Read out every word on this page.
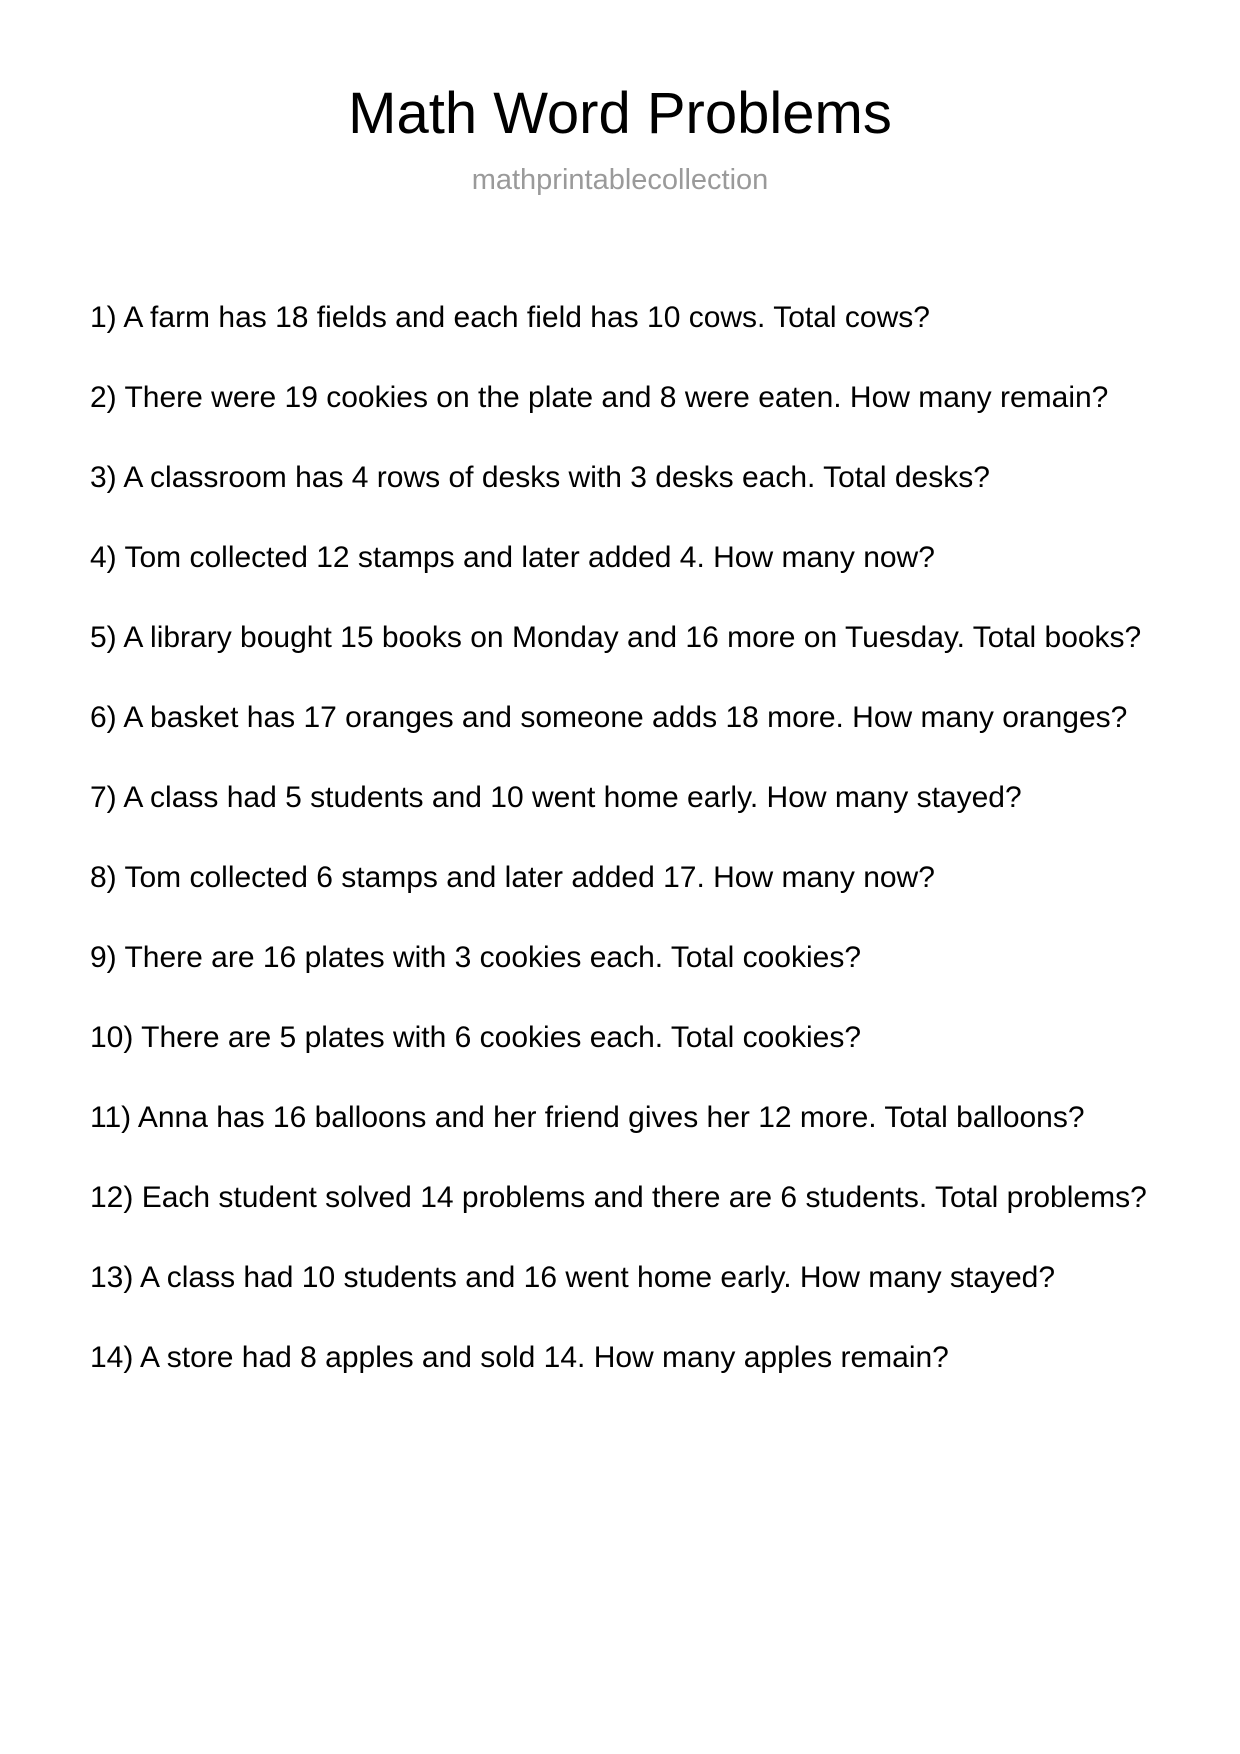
Math Word Problems

mathprintablecollection

1) A farm has 18 fields and each field has 10 cows. Total cows?
2) There were 19 cookies on the plate and 8 were eaten. How many remain?
3) A classroom has 4 rows of desks with 3 desks each. Total desks?
4) Tom collected 12 stamps and later added 4. How many now?
5) A library bought 15 books on Monday and 16 more on Tuesday. Total books?
6) A basket has 17 oranges and someone adds 18 more. How many oranges?
7) A class had 5 students and 10 went home early. How many stayed?
8) Tom collected 6 stamps and later added 17. How many now?
9) There are 16 plates with 3 cookies each. Total cookies?
10) There are 5 plates with 6 cookies each. Total cookies?
11) Anna has 16 balloons and her friend gives her 12 more. Total balloons?
12) Each student solved 14 problems and there are 6 students. Total problems?
13) A class had 10 students and 16 went home early. How many stayed?
14) A store had 8 apples and sold 14. How many apples remain?
